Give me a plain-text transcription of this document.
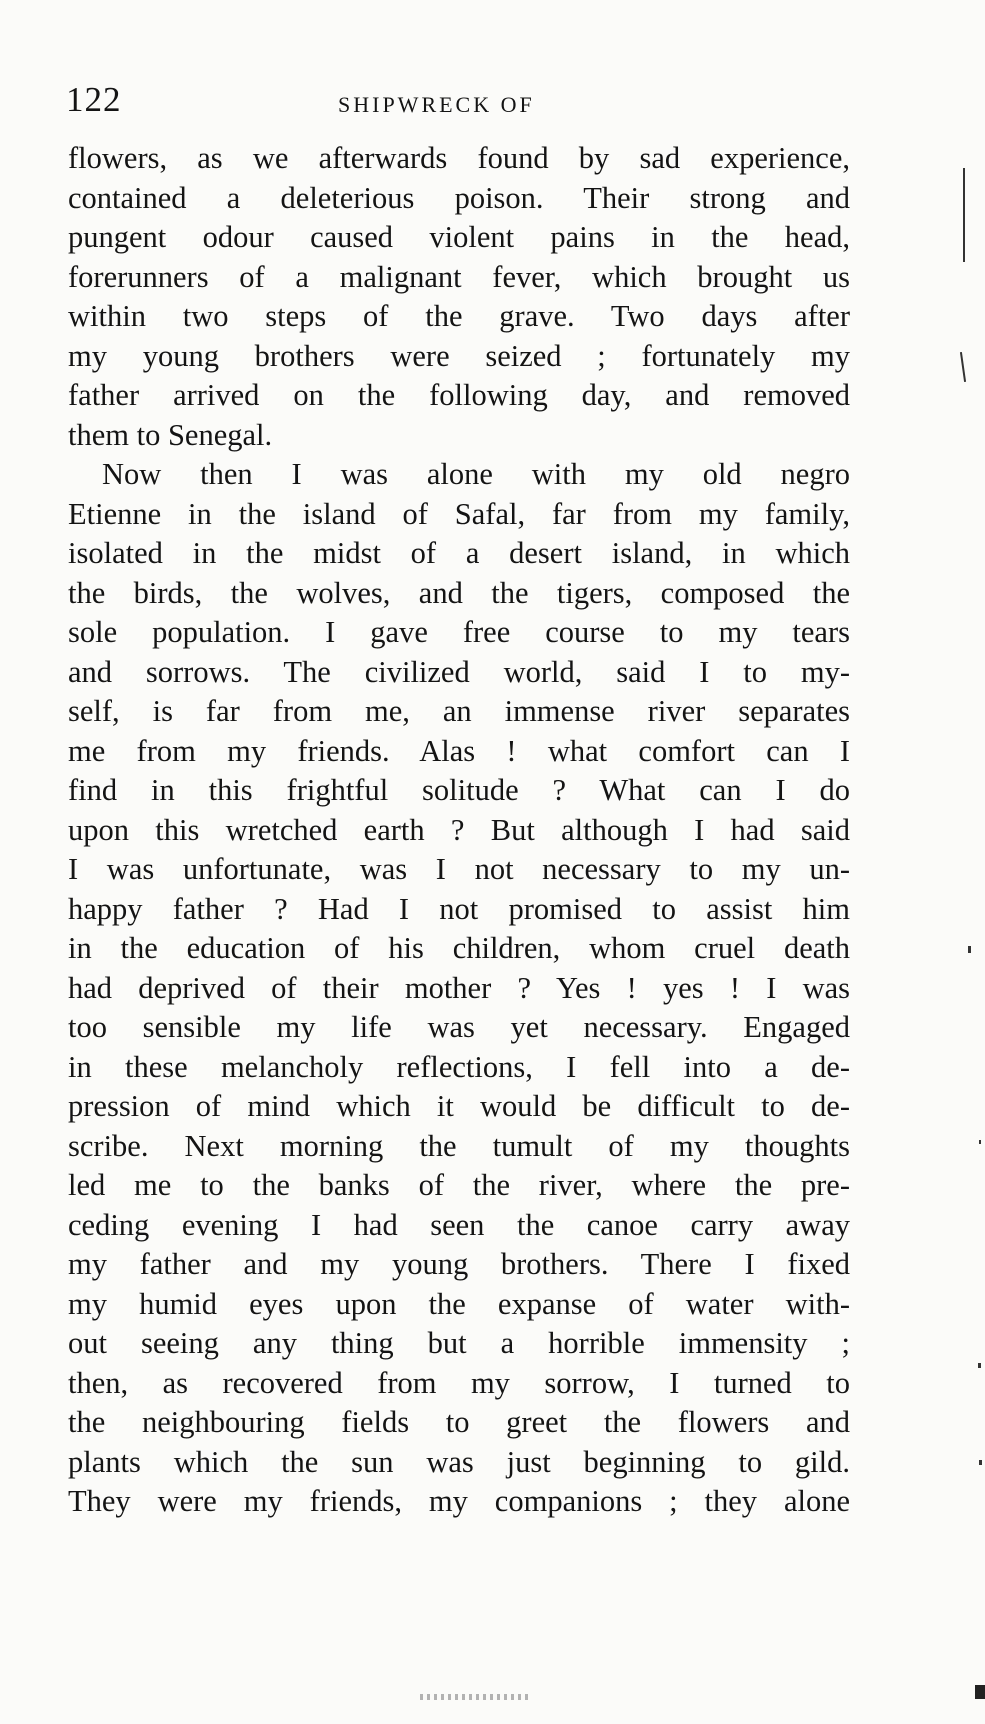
122	SHIPWRECK OF
flowers, as we afterwards found by sad experience,
contained a deleterious poison. Their strong and
pungent odour caused violent pains in the head,
forerunners of a malignant fever, which brought us
within two steps of the grave. Two days after
my young brothers were seized ; fortunately my
father arrived on the following day, and removed
them to Senegal.
Now then I was alone with my old negro
Etienne in the island of Safal, far from my family,
isolated in the midst of a desert island, in which
the birds, the wolves, and the tigers, composed the
sole population. I gave free course to my tears
and sorrows. The civilized world, said I to my-
self, is far from me, an immense river separates
me from my friends. Alas ! what comfort can I
find in this frightful solitude ? What can I do
upon this wretched earth ? But although I had said
I was unfortunate, was I not necessary to my un-
happy father ? Had I not promised to assist him
in the education of his children, whom cruel death
had deprived of their mother ? Yes ! yes ! I was
too sensible my life was yet necessary. Engaged
in these melancholy reflections, I fell into a de-
pression of mind which it would be difficult to de-
scribe. Next morning the tumult of my thoughts
led me to the banks of the river, where the pre-
ceding evening I had seen the canoe carry away
my father and my young brothers. There I fixed
my humid eyes upon the expanse of water with-
out seeing any thing but a horrible immensity ;
then, as recovered from my sorrow, I turned to
the neighbouring fields to greet the flowers and
plants which the sun was just beginning to gild.
They were my friends, my companions ; they alone
